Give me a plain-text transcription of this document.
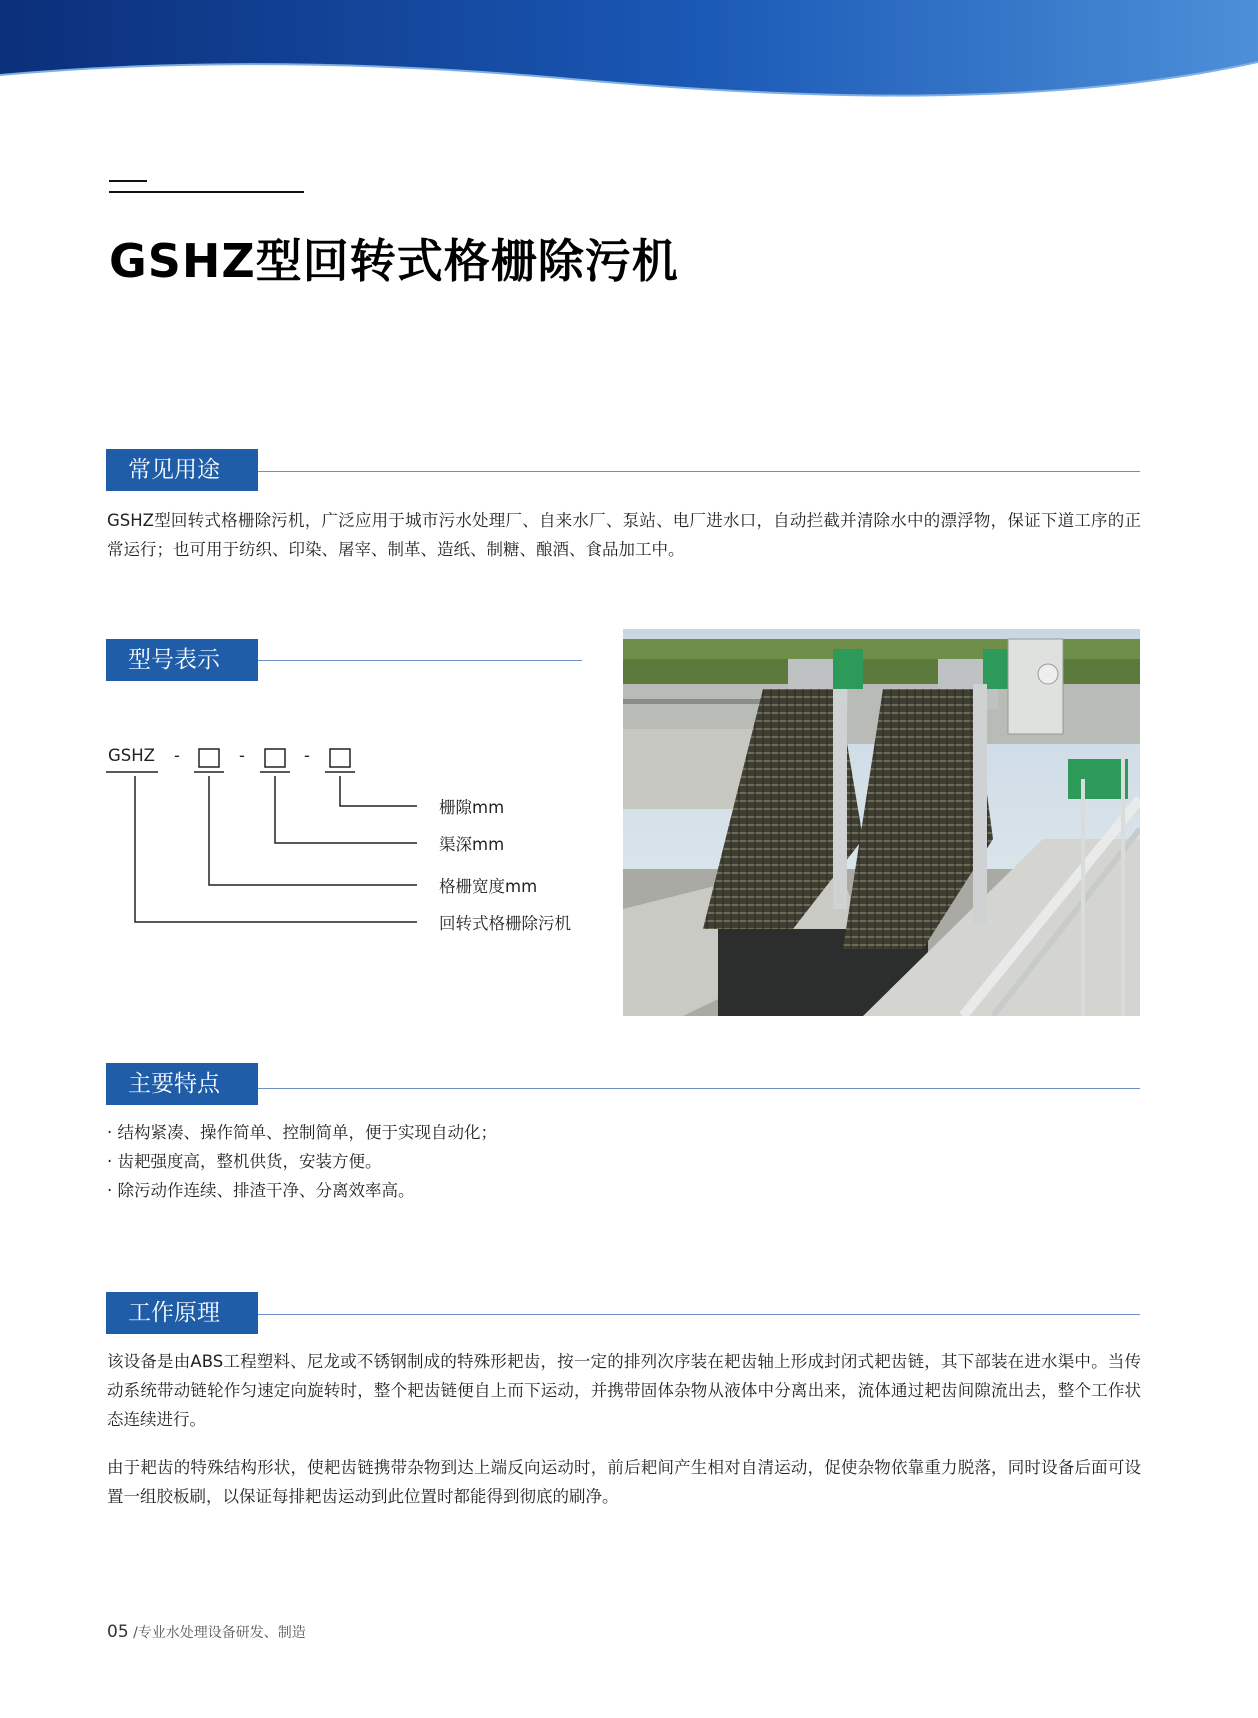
GSHZ型回转式格栅除污机
常见用途

GSHZ型回转式格栅除污机，广泛应用于城市污水处理厂、自来水厂、泵站、电厂进水口，自动拦截并清除水中的漂浮物，保证下道工序的正常运行；也可用于纺织、印染、屠宰、制革、造纸、制糖、酿酒、食品加工中。

型号表示
GSHZ -	-	-
栅隙mm
渠深mm
格栅宽度mm
回转式格栅除污机
主要特点
· 结构紧凑、操作简单、控制简单，便于实现自动化；
· 齿耙强度高，整机供货，安装方便。
· 除污动作连续、排渣干净、分离效率高。
工作原理

该设备是由ABS工程塑料、尼龙或不锈钢制成的特殊形耙齿，按一定的排列次序装在耙齿轴上形成封闭式耙齿链，其下部装在进水渠中。当传动系统带动链轮作匀速定向旋转时，整个耙齿链便自上而下运动，并携带固体杂物从液体中分离出来，流体通过耙齿间隙流出去，整个工作状态连续进行。

由于耙齿的特殊结构形状，使耙齿链携带杂物到达上端反向运动时，前后耙间产生相对自清运动，促使杂物依靠重力脱落，同时设备后面可设置一组胶板刷，以保证每排耙齿运动到此位置时都能得到彻底的刷净。

05 /专业水处理设备研发、制造
